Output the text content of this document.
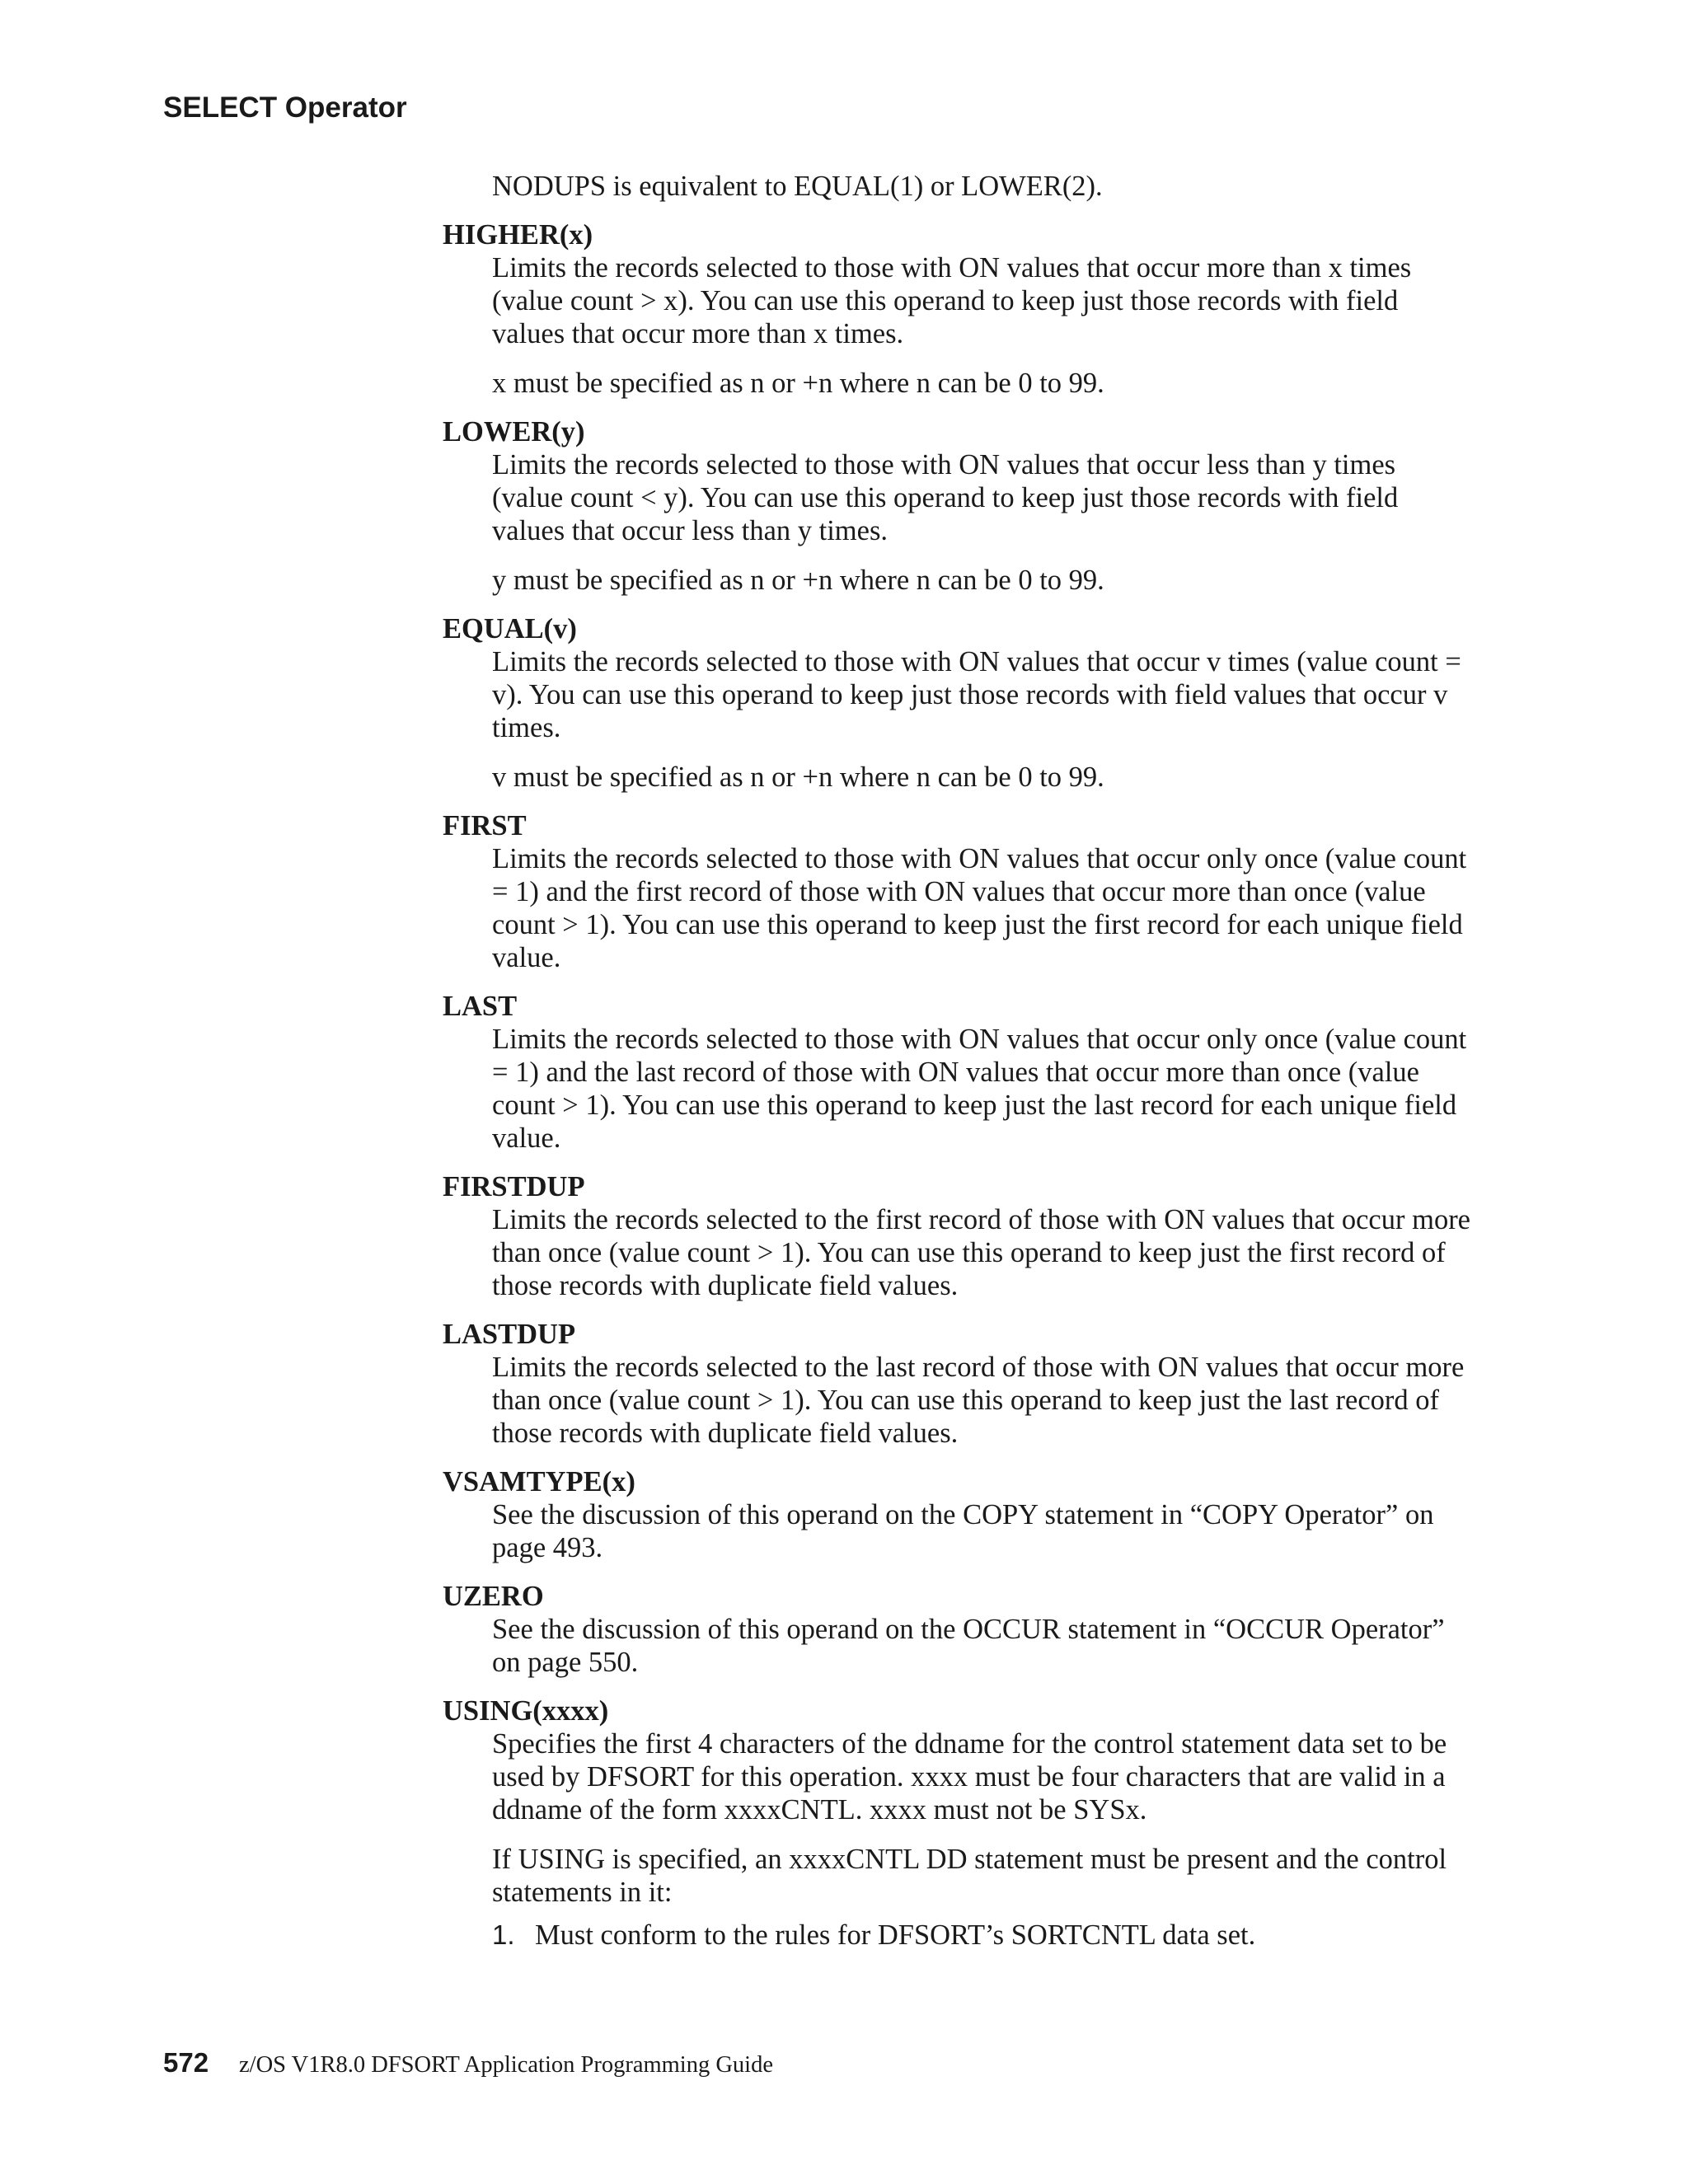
SELECT Operator

NODUPS is equivalent to EQUAL(1) or LOWER(2).

HIGHER(x)

Limits the records selected to those with ON values that occur more than x times (value count > x). You can use this operand to keep just those records with field values that occur more than x times.

x must be specified as n or +n where n can be 0 to 99.

LOWER(y)

Limits the records selected to those with ON values that occur less than y times (value count < y). You can use this operand to keep just those records with field values that occur less than y times.

y must be specified as n or +n where n can be 0 to 99.

EQUAL(v)

Limits the records selected to those with ON values that occur v times (value count = v). You can use this operand to keep just those records with field values that occur v times.

v must be specified as n or +n where n can be 0 to 99.

FIRST

Limits the records selected to those with ON values that occur only once (value count = 1) and the first record of those with ON values that occur more than once (value count > 1). You can use this operand to keep just the first record for each unique field value.

LAST

Limits the records selected to those with ON values that occur only once (value count = 1) and the last record of those with ON values that occur more than once (value count > 1). You can use this operand to keep just the last record for each unique field value.

FIRSTDUP

Limits the records selected to the first record of those with ON values that occur more than once (value count > 1). You can use this operand to keep just the first record of those records with duplicate field values.

LASTDUP

Limits the records selected to the last record of those with ON values that occur more than once (value count > 1). You can use this operand to keep just the last record of those records with duplicate field values.

VSAMTYPE(x)

See the discussion of this operand on the COPY statement in “COPY Operator” on page 493.

UZERO

See the discussion of this operand on the OCCUR statement in “OCCUR Operator” on page 550.

USING(xxxx)

Specifies the first 4 characters of the ddname for the control statement data set to be used by DFSORT for this operation. xxxx must be four characters that are valid in a ddname of the form xxxxCNTL. xxxx must not be SYSx.

If USING is specified, an xxxxCNTL DD statement must be present and the control statements in it:

1. Must conform to the rules for DFSORT’s SORTCNTL data set.

572 z/OS V1R8.0 DFSORT Application Programming Guide
